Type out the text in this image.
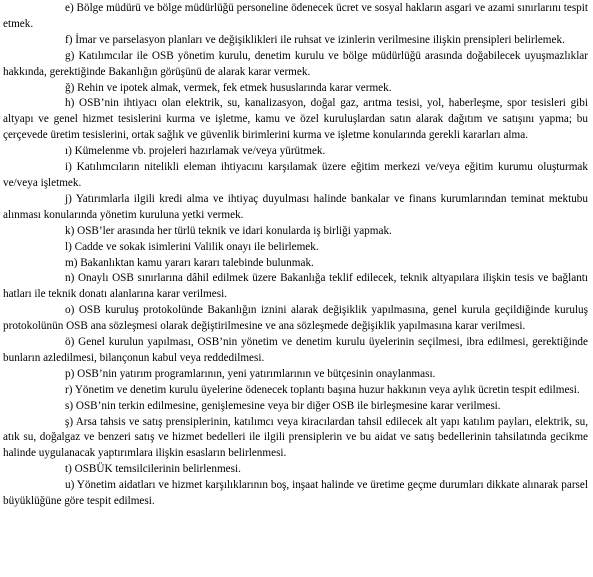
e) Bölge müdürü ve bölge müdürlüğü personeline ödenecek ücret ve sosyal hakların asgari ve azami sınırlarını tespit etmek.

f) İmar ve parselasyon planları ve değişiklikleri ile ruhsat ve izinlerin verilmesine ilişkin prensipleri belirlemek.

g) Katılımcılar ile OSB yönetim kurulu, denetim kurulu ve bölge müdürlüğü arasında doğabilecek uyuşmazlıklar hakkında, gerektiğinde Bakanlığın görüşünü de alarak karar vermek.

ğ) Rehin ve ipotek almak, vermek, fek etmek hususlarında karar vermek.

h) OSB’nin ihtiyacı olan elektrik, su, kanalizasyon, doğal gaz, arıtma tesisi, yol, haberleşme, spor tesisleri gibi altyapı ve genel hizmet tesislerini kurma ve işletme, kamu ve özel kuruluşlardan satın alarak dağıtım ve satışını yapma; bu çerçevede üretim tesislerini, ortak sağlık ve güvenlik birimlerini kurma ve işletme konularında gerekli kararları alma.

ı) Kümelenme vb. projeleri hazırlamak ve/veya yürütmek.

i) Katılımcıların nitelikli eleman ihtiyacını karşılamak üzere eğitim merkezi ve/veya eğitim kurumu oluşturmak ve/veya işletmek.

j) Yatırımlarla ilgili kredi alma ve ihtiyaç duyulması halinde bankalar ve finans kurumlarından teminat mektubu alınması konularında yönetim kuruluna yetki vermek.

k) OSB’ler arasında her türlü teknik ve idari konularda iş birliği yapmak.

l) Cadde ve sokak isimlerini Valilik onayı ile belirlemek.

m) Bakanlıktan kamu yararı kararı talebinde bulunmak.

n) Onaylı OSB sınırlarına dâhil edilmek üzere Bakanlığa teklif edilecek, teknik altyapılara ilişkin tesis ve bağlantı hatları ile teknik donatı alanlarına karar verilmesi.

o) OSB kuruluş protokolünde Bakanlığın iznini alarak değişiklik yapılmasına, genel kurula geçildiğinde kuruluş protokolünün OSB ana sözleşmesi olarak değiştirilmesine ve ana sözleşmede değişiklik yapılmasına karar verilmesi.

ö) Genel kurulun yapılması, OSB’nin yönetim ve denetim kurulu üyelerinin seçilmesi, ibra edilmesi, gerektiğinde bunların azledilmesi, bilançonun kabul veya reddedilmesi.

p) OSB’nin yatırım programlarının, yeni yatırımlarının ve bütçesinin onaylanması.

r) Yönetim ve denetim kurulu üyelerine ödenecek toplantı başına huzur hakkının veya aylık ücretin tespit edilmesi.

s) OSB’nin terkin edilmesine, genişlemesine veya bir diğer OSB ile birleşmesine karar verilmesi.

ş) Arsa tahsis ve satış prensiplerinin, katılımcı veya kiracılardan tahsil edilecek alt yapı katılım payları, elektrik, su, atık su, doğalgaz ve benzeri satış ve hizmet bedelleri ile ilgili prensiplerin ve bu aidat ve satış bedellerinin tahsilatında gecikme halinde uygulanacak yaptırımlara ilişkin esasların belirlenmesi.

t) OSBÜK temsilcilerinin belirlenmesi.

u) Yönetim aidatları ve hizmet karşılıklarının boş, inşaat halinde ve üretime geçme durumları dikkate alınarak parsel büyüklüğüne göre tespit edilmesi.
